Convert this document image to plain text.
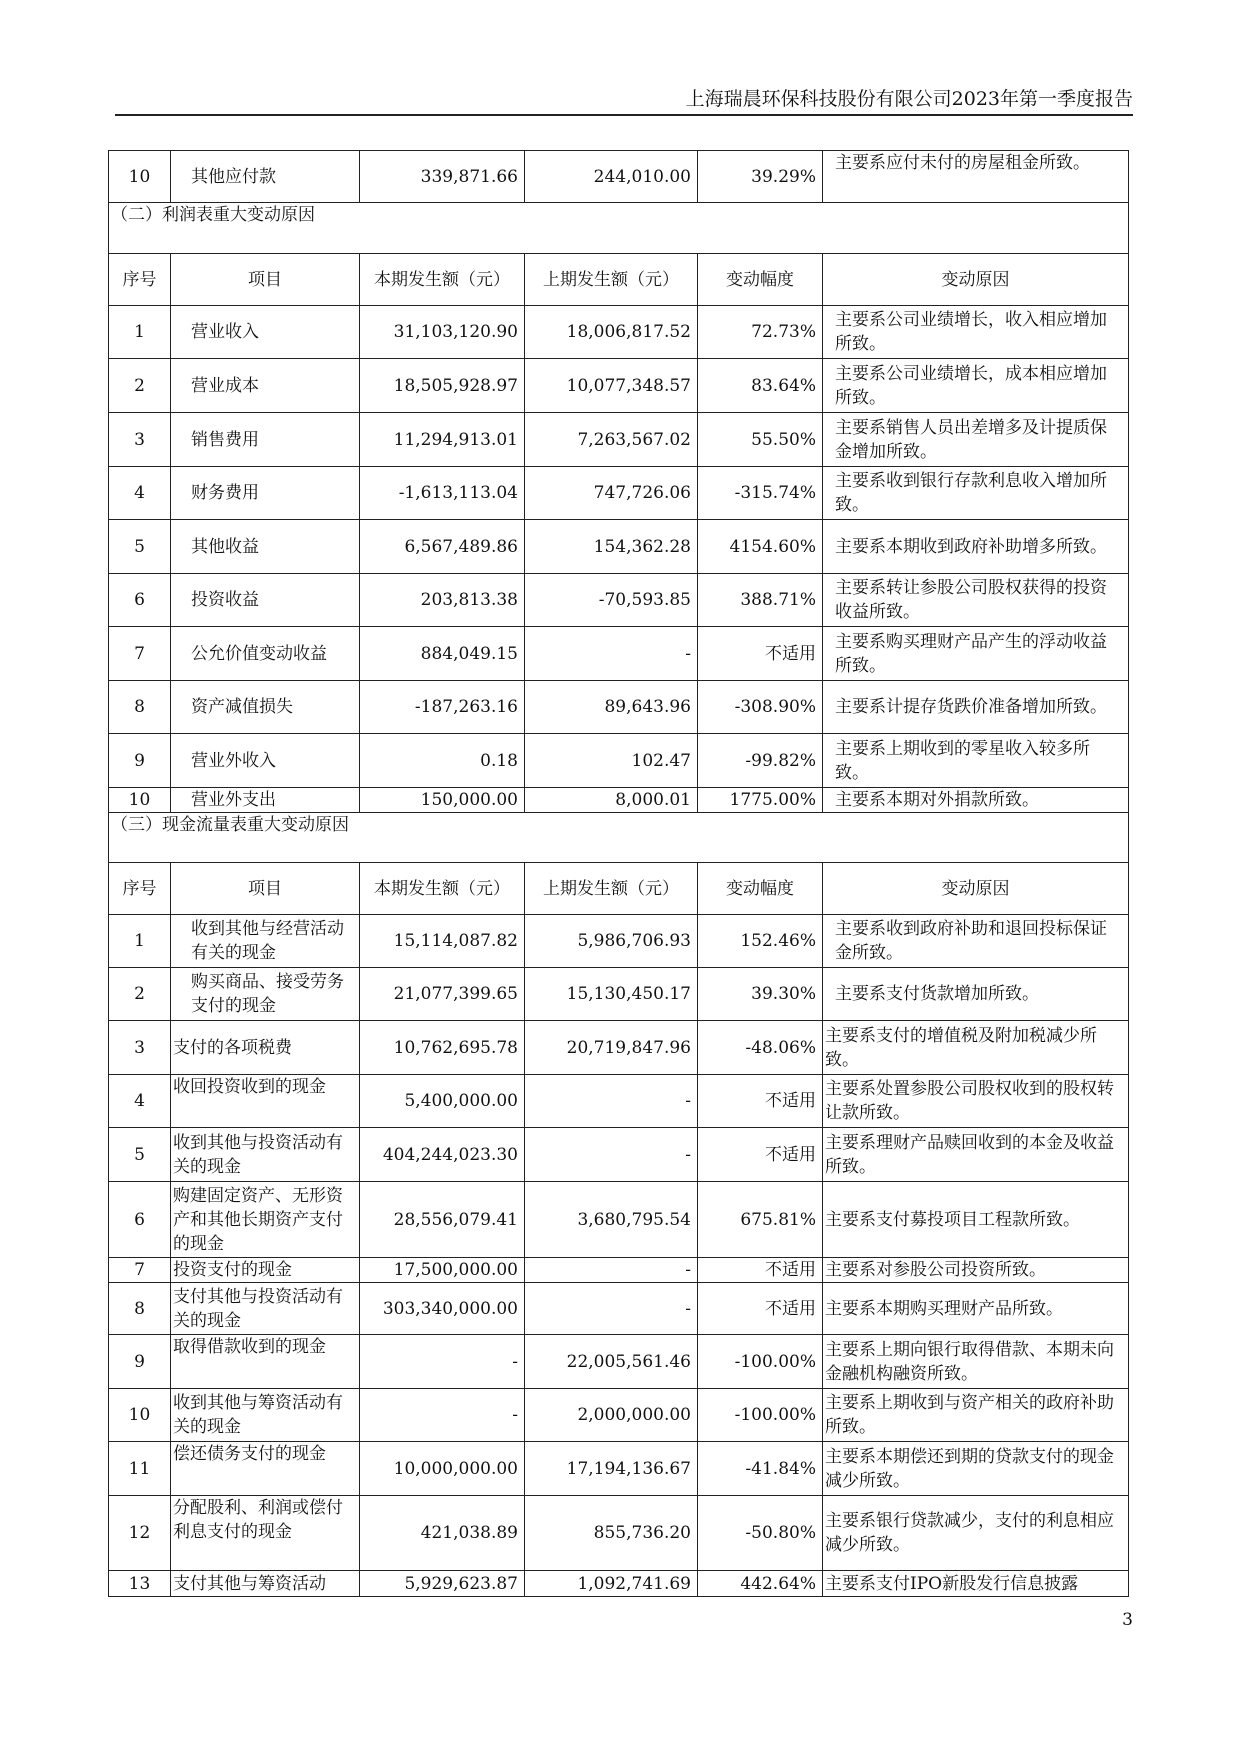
上海瑞晨环保科技股份有限公司2023年第一季度报告
10	其他应付款	339,871.66	244,010.00	39.29%	主要系应付未付的房屋租金所致。
（二）利润表重大变动原因					
序号	项目	本期发生额（元）	上期发生额（元）	变动幅度	变动原因
1	营业收入	31,103,120.90	18,006,817.52	72.73%	主要系公司业绩增长，收入相应增加所致。
2	营业成本	18,505,928.97	10,077,348.57	83.64%	主要系公司业绩增长，成本相应增加所致。
3	销售费用	11,294,913.01	7,263,567.02	55.50%	主要系销售人员出差增多及计提质保金增加所致。
4	财务费用	-1,613,113.04	747,726.06	-315.74%	主要系收到银行存款利息收入增加所致。
5	其他收益	6,567,489.86	154,362.28	4154.60%	主要系本期收到政府补助增多所致。
6	投资收益	203,813.38	-70,593.85	388.71%	主要系转让参股公司股权获得的投资收益所致。
7	公允价值变动收益	884,049.15	-	不适用	主要系购买理财产品产生的浮动收益所致。
8	资产减值损失	-187,263.16	89,643.96	-308.90%	主要系计提存货跌价准备增加所致。
9	营业外收入	0.18	102.47	-99.82%	主要系上期收到的零星收入较多所致。
10	营业外支出	150,000.00	8,000.01	1775.00%	主要系本期对外捐款所致。
（三）现金流量表重大变动原因					
序号	项目	本期发生额（元）	上期发生额（元）	变动幅度	变动原因
1	收到其他与经营活动有关的现金	15,114,087.82	5,986,706.93	152.46%	主要系收到政府补助和退回投标保证金所致。
2	购买商品、接受劳务支付的现金	21,077,399.65	15,130,450.17	39.30%	主要系支付货款增加所致。
3	支付的各项税费	10,762,695.78	20,719,847.96	-48.06%	主要系支付的增值税及附加税减少所致。
4	收回投资收到的现金	5,400,000.00	-	不适用	主要系处置参股公司股权收到的股权转让款所致。
5	收到其他与投资活动有关的现金	404,244,023.30	-	不适用	主要系理财产品赎回收到的本金及收益所致。
6	购建固定资产、无形资产和其他长期资产支付的现金	28,556,079.41	3,680,795.54	675.81%	主要系支付募投项目工程款所致。
7	投资支付的现金	17,500,000.00	-	不适用	主要系对参股公司投资所致。
8	支付其他与投资活动有关的现金	303,340,000.00	-	不适用	主要系本期购买理财产品所致。
9	取得借款收到的现金	-	22,005,561.46	-100.00%	主要系上期向银行取得借款、本期未向金融机构融资所致。
10	收到其他与筹资活动有关的现金	-	2,000,000.00	-100.00%	主要系上期收到与资产相关的政府补助所致。
11	偿还债务支付的现金	10,000,000.00	17,194,136.67	-41.84%	主要系本期偿还到期的贷款支付的现金减少所致。
12	分配股利、利润或偿付利息支付的现金	421,038.89	855,736.20	-50.80%	主要系银行贷款减少，支付的利息相应减少所致。
13	支付其他与筹资活动	5,929,623.87	1,092,741.69	442.64%	主要系支付IPO新股发行信息披露
3
